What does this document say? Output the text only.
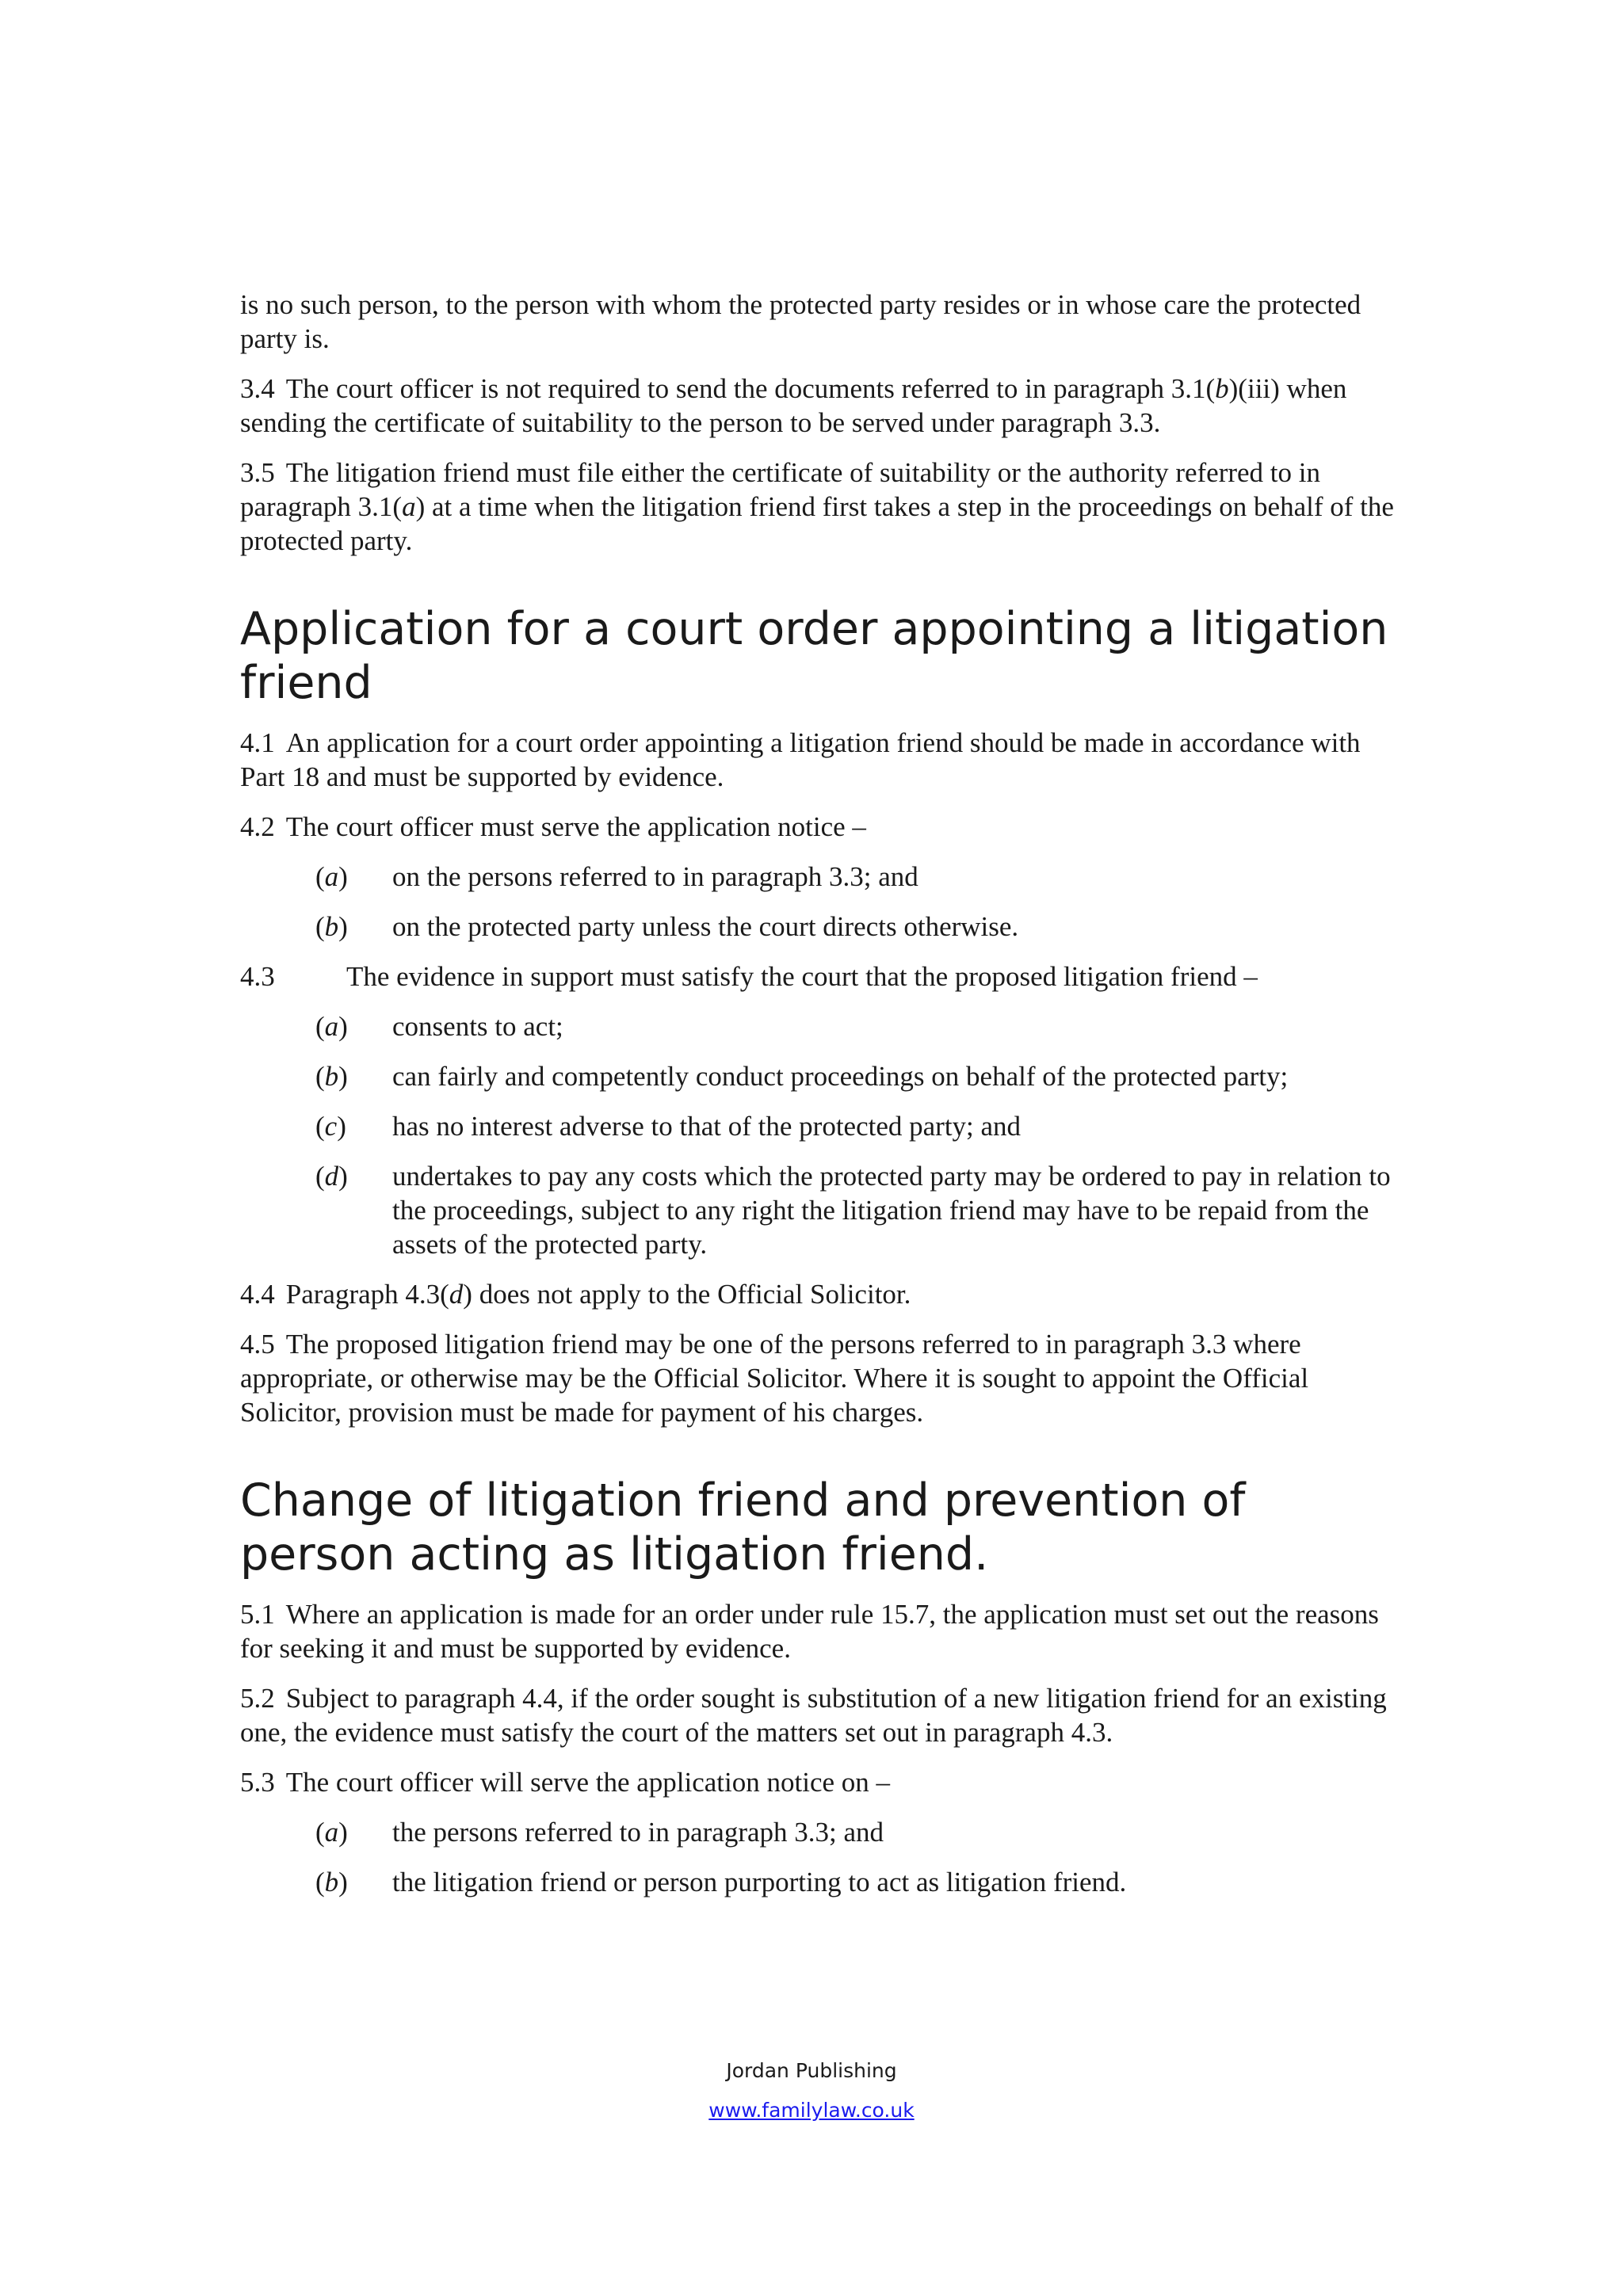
is no such person, to the person with whom the protected party resides or in whose care the protected party is.

3.4 The court officer is not required to send the documents referred to in paragraph 3.1(b)(iii) when sending the certificate of suitability to the person to be served under paragraph 3.3.

3.5 The litigation friend must file either the certificate of suitability or the authority referred to in paragraph 3.1(a) at a time when the litigation friend first takes a step in the proceedings on behalf of the protected party.

Application for a court order appointing a litigation friend

4.1 An application for a court order appointing a litigation friend should be made in accordance with Part 18 and must be supported by evidence.

4.2 The court officer must serve the application notice –

(a)	on the persons referred to in paragraph 3.3; and
(b)	on the protected party unless the court directs otherwise.

4.3	The evidence in support must satisfy the court that the proposed litigation friend –

(a)	consents to act;
(b)	can fairly and competently conduct proceedings on behalf of the protected party;
(c)	has no interest adverse to that of the protected party; and
(d)	undertakes to pay any costs which the protected party may be ordered to pay in relation to the proceedings, subject to any right the litigation friend may have to be repaid from the assets of the protected party.

4.4 Paragraph 4.3(d) does not apply to the Official Solicitor.

4.5 The proposed litigation friend may be one of the persons referred to in paragraph 3.3 where appropriate, or otherwise may be the Official Solicitor. Where it is sought to appoint the Official Solicitor, provision must be made for payment of his charges.

Change of litigation friend and prevention of person acting as litigation friend.

5.1 Where an application is made for an order under rule 15.7, the application must set out the reasons for seeking it and must be supported by evidence.

5.2 Subject to paragraph 4.4, if the order sought is substitution of a new litigation friend for an existing one, the evidence must satisfy the court of the matters set out in paragraph 4.3.

5.3 The court officer will serve the application notice on –

(a)	the persons referred to in paragraph 3.3; and
(b)	the litigation friend or person purporting to act as litigation friend.
Jordan Publishing
www.familylaw.co.uk
